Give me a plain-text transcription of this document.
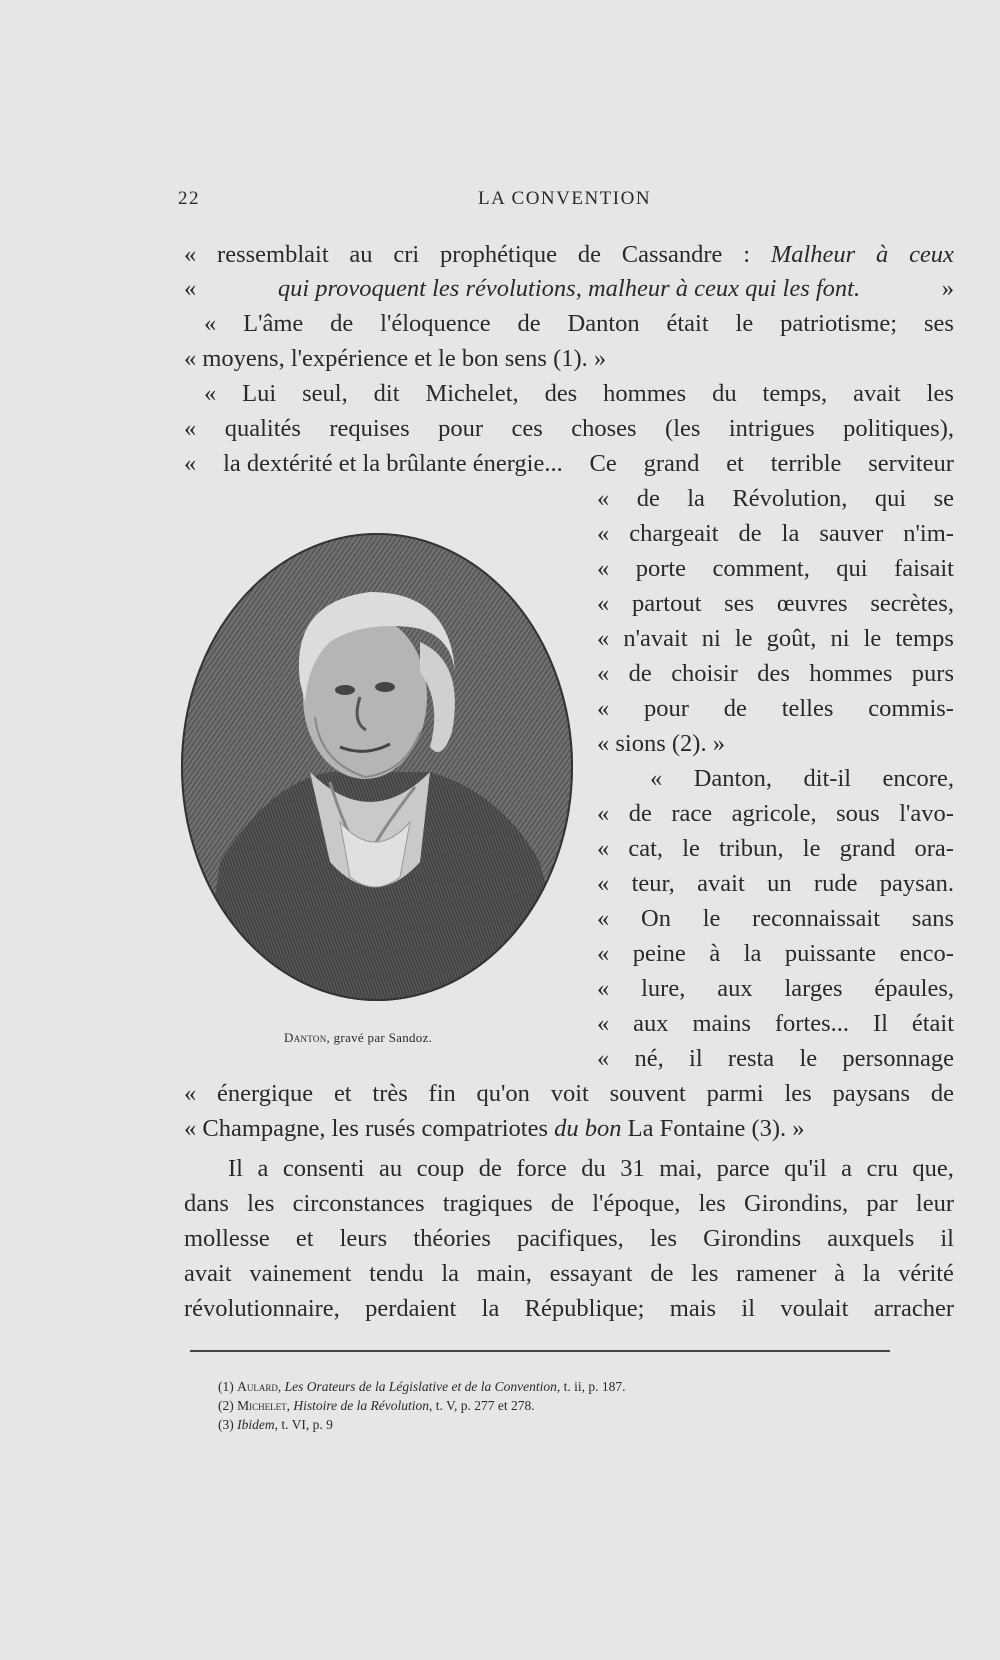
22	LA CONVENTION
« ressemblait au cri prophétique de Cassandre : Malheur à ceux
«	qui provoquent les révolutions, malheur à ceux qui les font.	»
« L'âme de l'éloquence de Danton était le patriotisme; ses
« moyens, l'expérience et le bon sens (1). »
« Lui seul, dit Michelet, des hommes du temps, avait les
« qualités requises pour ces choses (les intrigues politiques),
« la dextérité et la brûlante énergie... Ce grand et terrible serviteur
« de la Révolution, qui se
« chargeait de la sauver n'im-
« porte comment, qui faisait
« partout ses œuvres secrètes,
« n'avait ni le goût, ni le temps
« de choisir des hommes purs
« pour de telles commis-
« sions (2). »
« Danton, dit-il encore,
« de race agricole, sous l'avo-
« cat, le tribun, le grand ora-
« teur, avait un rude paysan.
« On le reconnaissait sans
« peine à la puissante enco-
« lure, aux larges épaules,
« aux mains fortes... Il était
« né, il resta le personnage
« énergique et très fin qu'on voit souvent parmi les paysans de
« Champagne, les rusés compatriotes du bon La Fontaine (3). »
Il a consenti au coup de force du 31 mai, parce qu'il a cru que,
dans les circonstances tragiques de l'époque, les Girondins, par leur
mollesse et leurs théories pacifiques, les Girondins auxquels il
avait vainement tendu la main, essayant de les ramener à la vérité
révolutionnaire, perdaient la République; mais il voulait arracher
Danton, gravé par Sandoz.
(1) Aulard, Les Orateurs de la Législative et de la Convention, t. ii, p. 187.
(2) Michelet, Histoire de la Révolution, t. V, p. 277 et 278.
(3) Ibidem, t. VI, p. 9
